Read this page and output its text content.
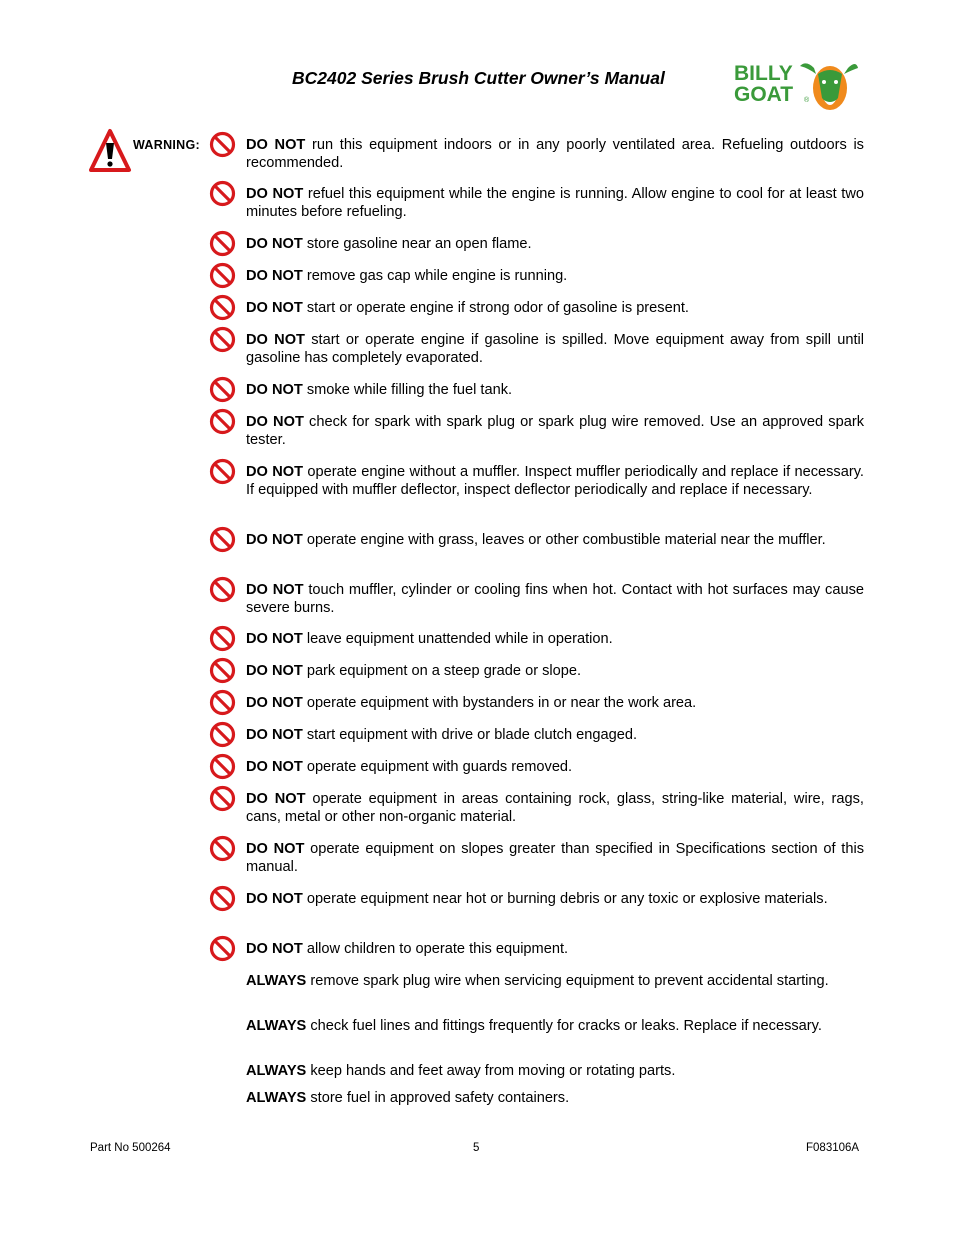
BC2402 Series Brush Cutter Owner’s Manual	BILLY
GOAT ®
WARNING:	DO NOT run this equipment indoors or in any poorly ventilated area. Refueling outdoors is recommended.
DO NOT refuel this equipment while the engine is running. Allow engine to cool for at least two minutes before refueling.
DO NOT store gasoline near an open flame.
DO NOT remove gas cap while engine is running.
DO NOT start or operate engine if strong odor of gasoline is present.
DO NOT start or operate engine if gasoline is spilled. Move equipment away from spill until gasoline has completely evaporated.
DO NOT smoke while filling the fuel tank.
DO NOT check for spark with spark plug or spark plug wire removed. Use an approved spark tester.
DO NOT operate engine without a muffler. Inspect muffler periodically and replace if necessary. If equipped with muffler deflector, inspect deflector periodically and replace if necessary.
DO NOT operate engine with grass, leaves or other combustible material near the muffler.
DO NOT touch muffler, cylinder or cooling fins when hot. Contact with hot surfaces may cause severe burns.
DO NOT leave equipment unattended while in operation.
DO NOT park equipment on a steep grade or slope.
DO NOT operate equipment with bystanders in or near the work area.
DO NOT start equipment with drive or blade clutch engaged.
DO NOT operate equipment with guards removed.
DO NOT operate equipment in areas containing rock, glass, string-like material, wire, rags, cans, metal or other non-organic material.
DO NOT operate equipment on slopes greater than specified in Specifications section of this manual.
DO NOT operate equipment near hot or burning debris or any toxic or explosive materials.
DO NOT allow children to operate this equipment.
ALWAYS remove spark plug wire when servicing equipment to prevent accidental starting.
ALWAYS check fuel lines and fittings frequently for cracks or leaks. Replace if necessary.
ALWAYS keep hands and feet away from moving or rotating parts.
ALWAYS store fuel in approved safety containers.
Part No 500264	5	F083106A
